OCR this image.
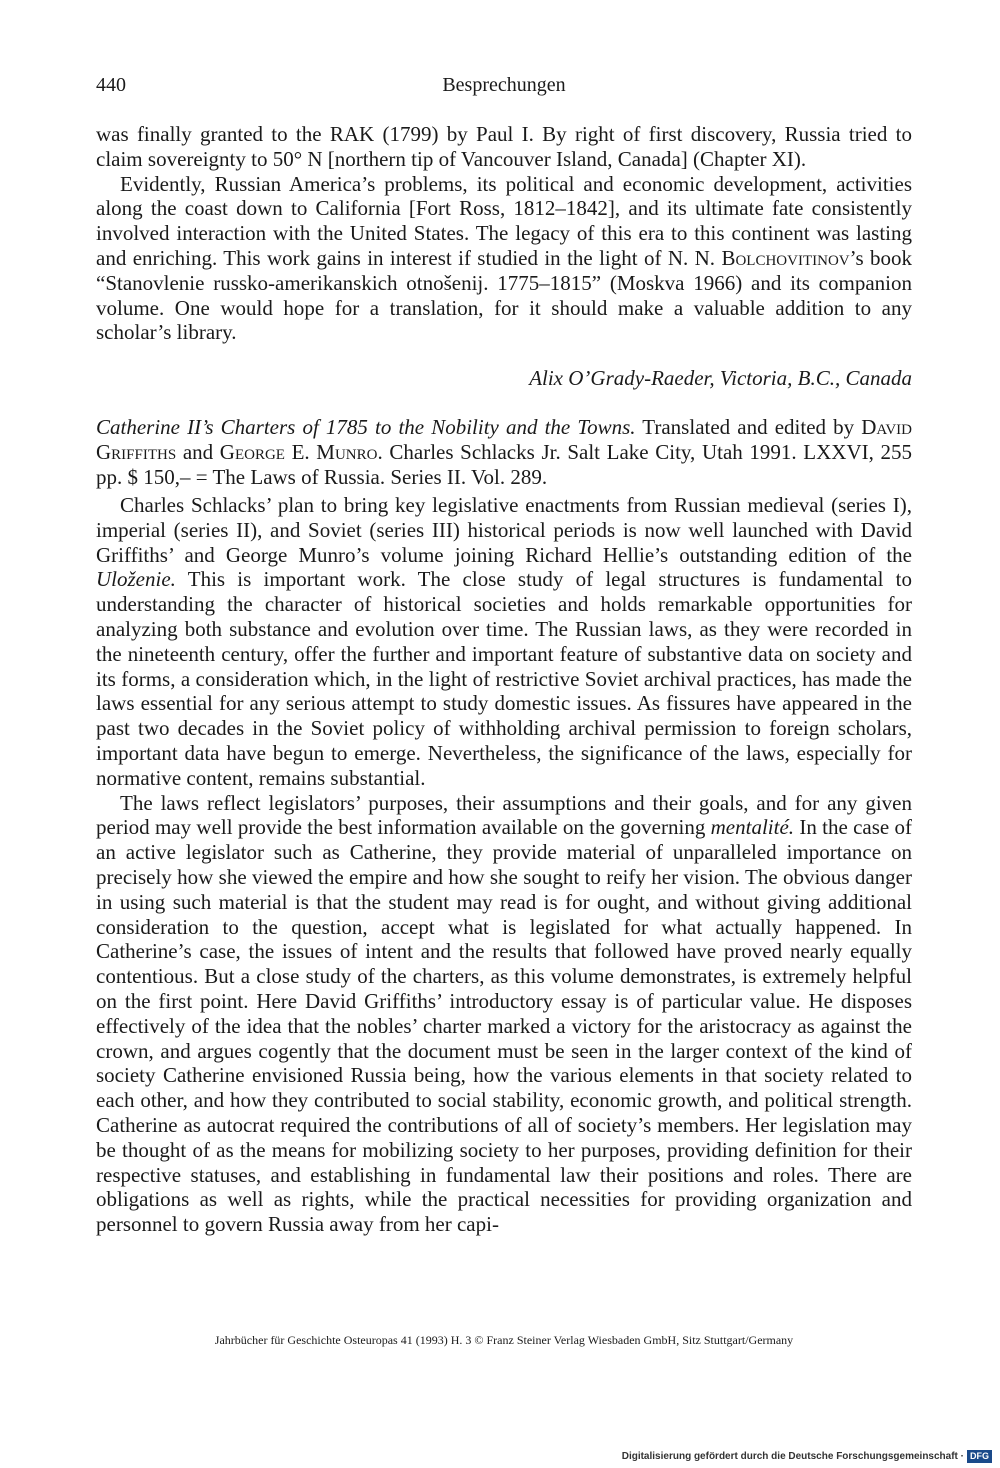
440	Besprechungen

was finally granted to the RAK (1799) by Paul I. By right of first discovery, Russia tried to claim sovereignty to 50° N [northern tip of Vancouver Island, Canada] (Chapter XI).

Evidently, Russian America’s problems, its political and economic development, activities along the coast down to California [Fort Ross, 1812–1842], and its ultimate fate consistently involved interaction with the United States. The legacy of this era to this continent was lasting and enriching. This work gains in interest if studied in the light of N. N. Bolchovitinov’s book “Stanovlenie russko-amerikanskich otnošenij. 1775–1815” (Moskva 1966) and its companion volume. One would hope for a translation, for it should make a valuable addition to any scholar’s library.

Alix O’Grady-Raeder, Victoria, B.C., Canada

Catherine II’s Charters of 1785 to the Nobility and the Towns. Translated and edited by David Griffiths and George E. Munro. Charles Schlacks Jr. Salt Lake City, Utah 1991. LXXVI, 255 pp. $ 150,– = The Laws of Russia. Series II. Vol. 289.

Charles Schlacks’ plan to bring key legislative enactments from Russian medieval (series I), imperial (series II), and Soviet (series III) historical periods is now well launched with David Griffiths’ and George Munro’s volume joining Richard Hellie’s outstanding edition of the Uloženie. This is important work. The close study of legal structures is fundamental to understanding the character of historical societies and holds remarkable opportunities for analyzing both substance and evolution over time. The Russian laws, as they were recorded in the nineteenth century, offer the further and important feature of substantive data on society and its forms, a consideration which, in the light of restrictive Soviet archival practices, has made the laws essential for any serious attempt to study domestic issues. As fissures have appeared in the past two decades in the Soviet policy of withholding archival permission to foreign scholars, important data have begun to emerge. Nevertheless, the significance of the laws, especially for normative content, remains substantial.

The laws reflect legislators’ purposes, their assumptions and their goals, and for any given period may well provide the best information available on the governing mentalité. In the case of an active legislator such as Catherine, they provide material of unparalleled importance on precisely how she viewed the empire and how she sought to reify her vision. The obvious danger in using such material is that the student may read is for ought, and without giving additional consideration to the question, accept what is legislated for what actually happened. In Catherine’s case, the issues of intent and the results that followed have proved nearly equally contentious. But a close study of the charters, as this volume demonstrates, is extremely helpful on the first point. Here David Griffiths’ introductory essay is of particular value. He disposes effectively of the idea that the nobles’ charter marked a victory for the aristocracy as against the crown, and argues cogently that the document must be seen in the larger context of the kind of society Catherine envisioned Russia being, how the various elements in that society related to each other, and how they contributed to social stability, economic growth, and political strength. Catherine as autocrat required the contributions of all of society’s members. Her legislation may be thought of as the means for mobilizing society to her purposes, providing definition for their respective statuses, and establishing in fundamental law their positions and roles. There are obligations as well as rights, while the practical necessities for providing organization and personnel to govern Russia away from her capi-

Jahrbücher für Geschichte Osteuropas 41 (1993) H. 3 © Franz Steiner Verlag Wiesbaden GmbH, Sitz Stuttgart/Germany
Digitalisierung gefördert durch die Deutsche Forschungsgemeinschaft · DFG
